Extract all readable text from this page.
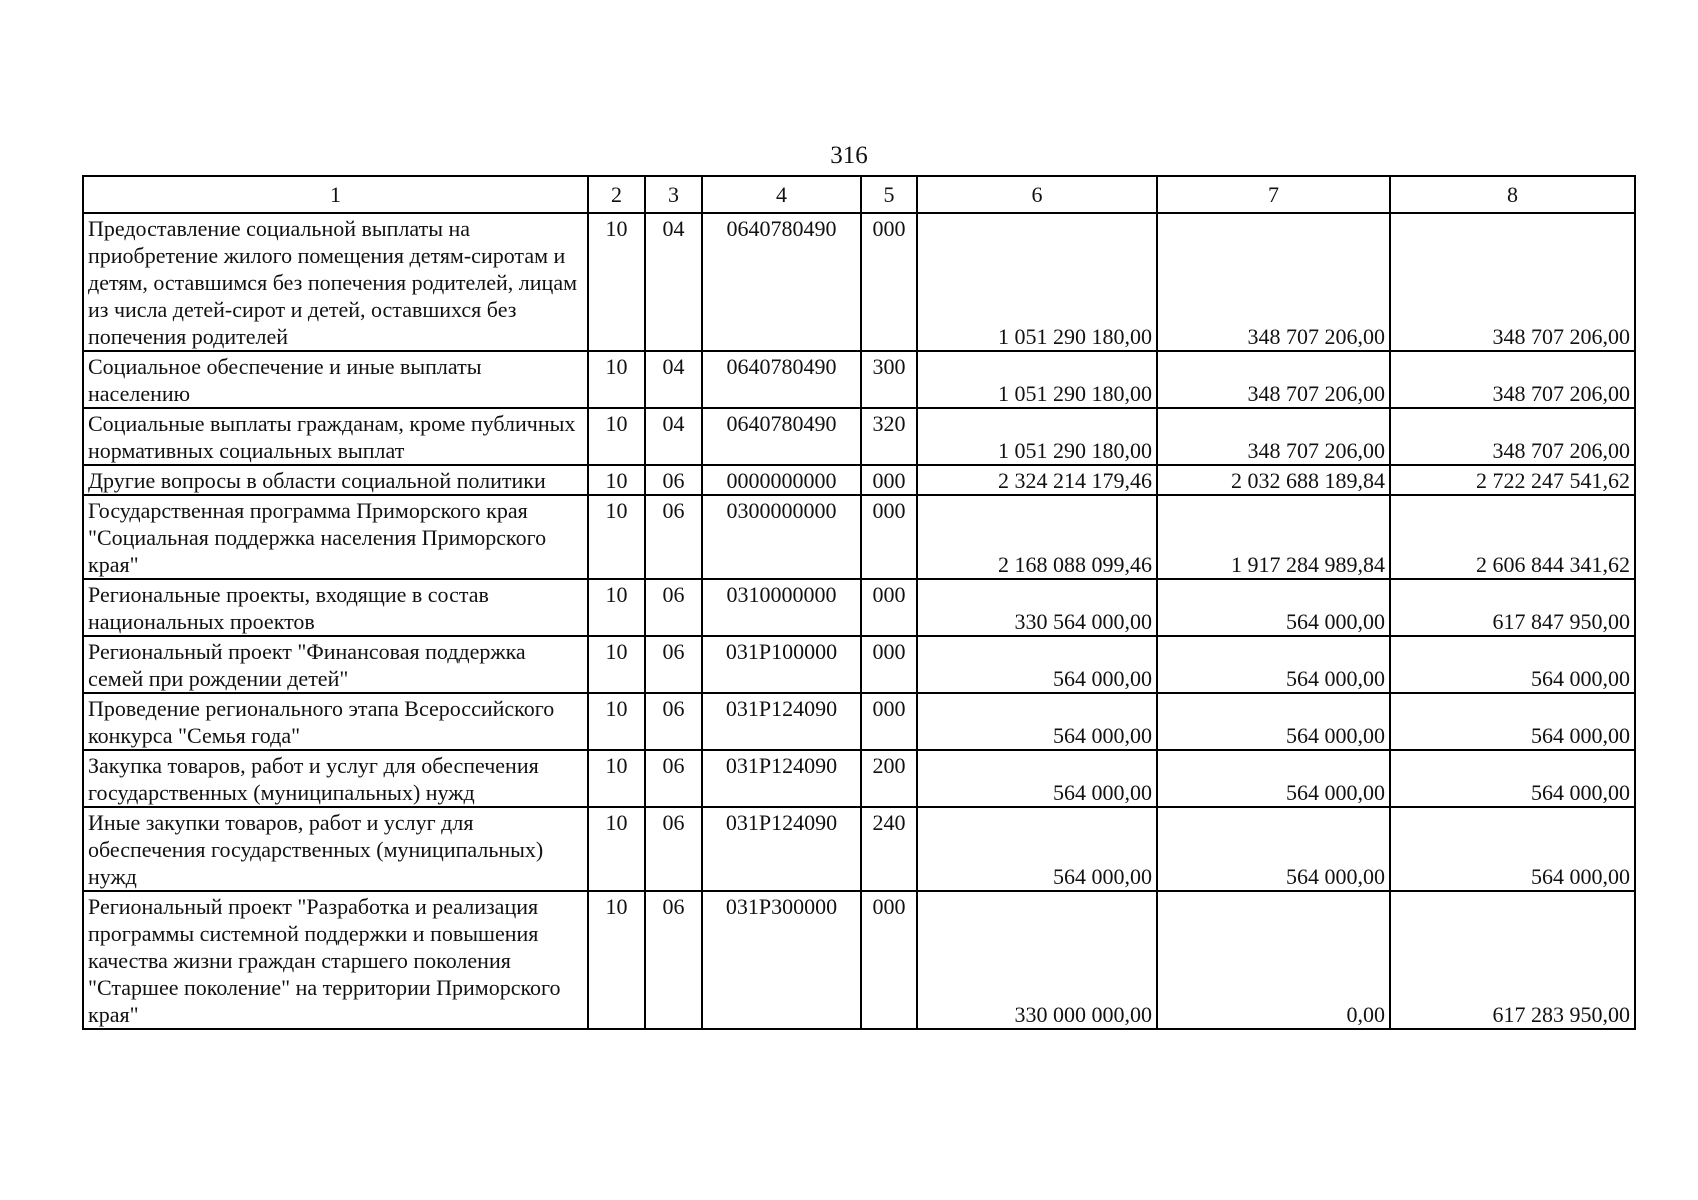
316
1	2	3	4	5	6	7	8
Предоставление социальной выплаты на приобретение жилого помещения детям-сиротам и детям, оставшимся без попечения родителей, лицам из числа детей-сирот и детей, оставшихся без попечения родителей	10	04	0640780490	000	1 051 290 180,00	348 707 206,00	348 707 206,00
Социальное обеспечение и иные выплаты населению	10	04	0640780490	300	1 051 290 180,00	348 707 206,00	348 707 206,00
Социальные выплаты гражданам, кроме публичных нормативных социальных выплат	10	04	0640780490	320	1 051 290 180,00	348 707 206,00	348 707 206,00
Другие вопросы в области социальной политики	10	06	0000000000	000	2 324 214 179,46	2 032 688 189,84	2 722 247 541,62
Государственная программа Приморского края "Социальная поддержка населения Приморского края"	10	06	0300000000	000	2 168 088 099,46	1 917 284 989,84	2 606 844 341,62
Региональные проекты, входящие в состав национальных проектов	10	06	0310000000	000	330 564 000,00	564 000,00	617 847 950,00
Региональный проект "Финансовая поддержка семей при рождении детей"	10	06	031P100000	000	564 000,00	564 000,00	564 000,00
Проведение регионального этапа Всероссийского конкурса "Семья года"	10	06	031P124090	000	564 000,00	564 000,00	564 000,00
Закупка товаров, работ и услуг для обеспечения государственных (муниципальных) нужд	10	06	031P124090	200	564 000,00	564 000,00	564 000,00
Иные закупки товаров, работ и услуг для обеспечения государственных (муниципальных) нужд	10	06	031P124090	240	564 000,00	564 000,00	564 000,00
Региональный проект "Разработка и реализация программы системной поддержки и повышения качества жизни граждан старшего поколения "Старшее поколение" на территории Приморского края"	10	06	031P300000	000	330 000 000,00	0,00	617 283 950,00
